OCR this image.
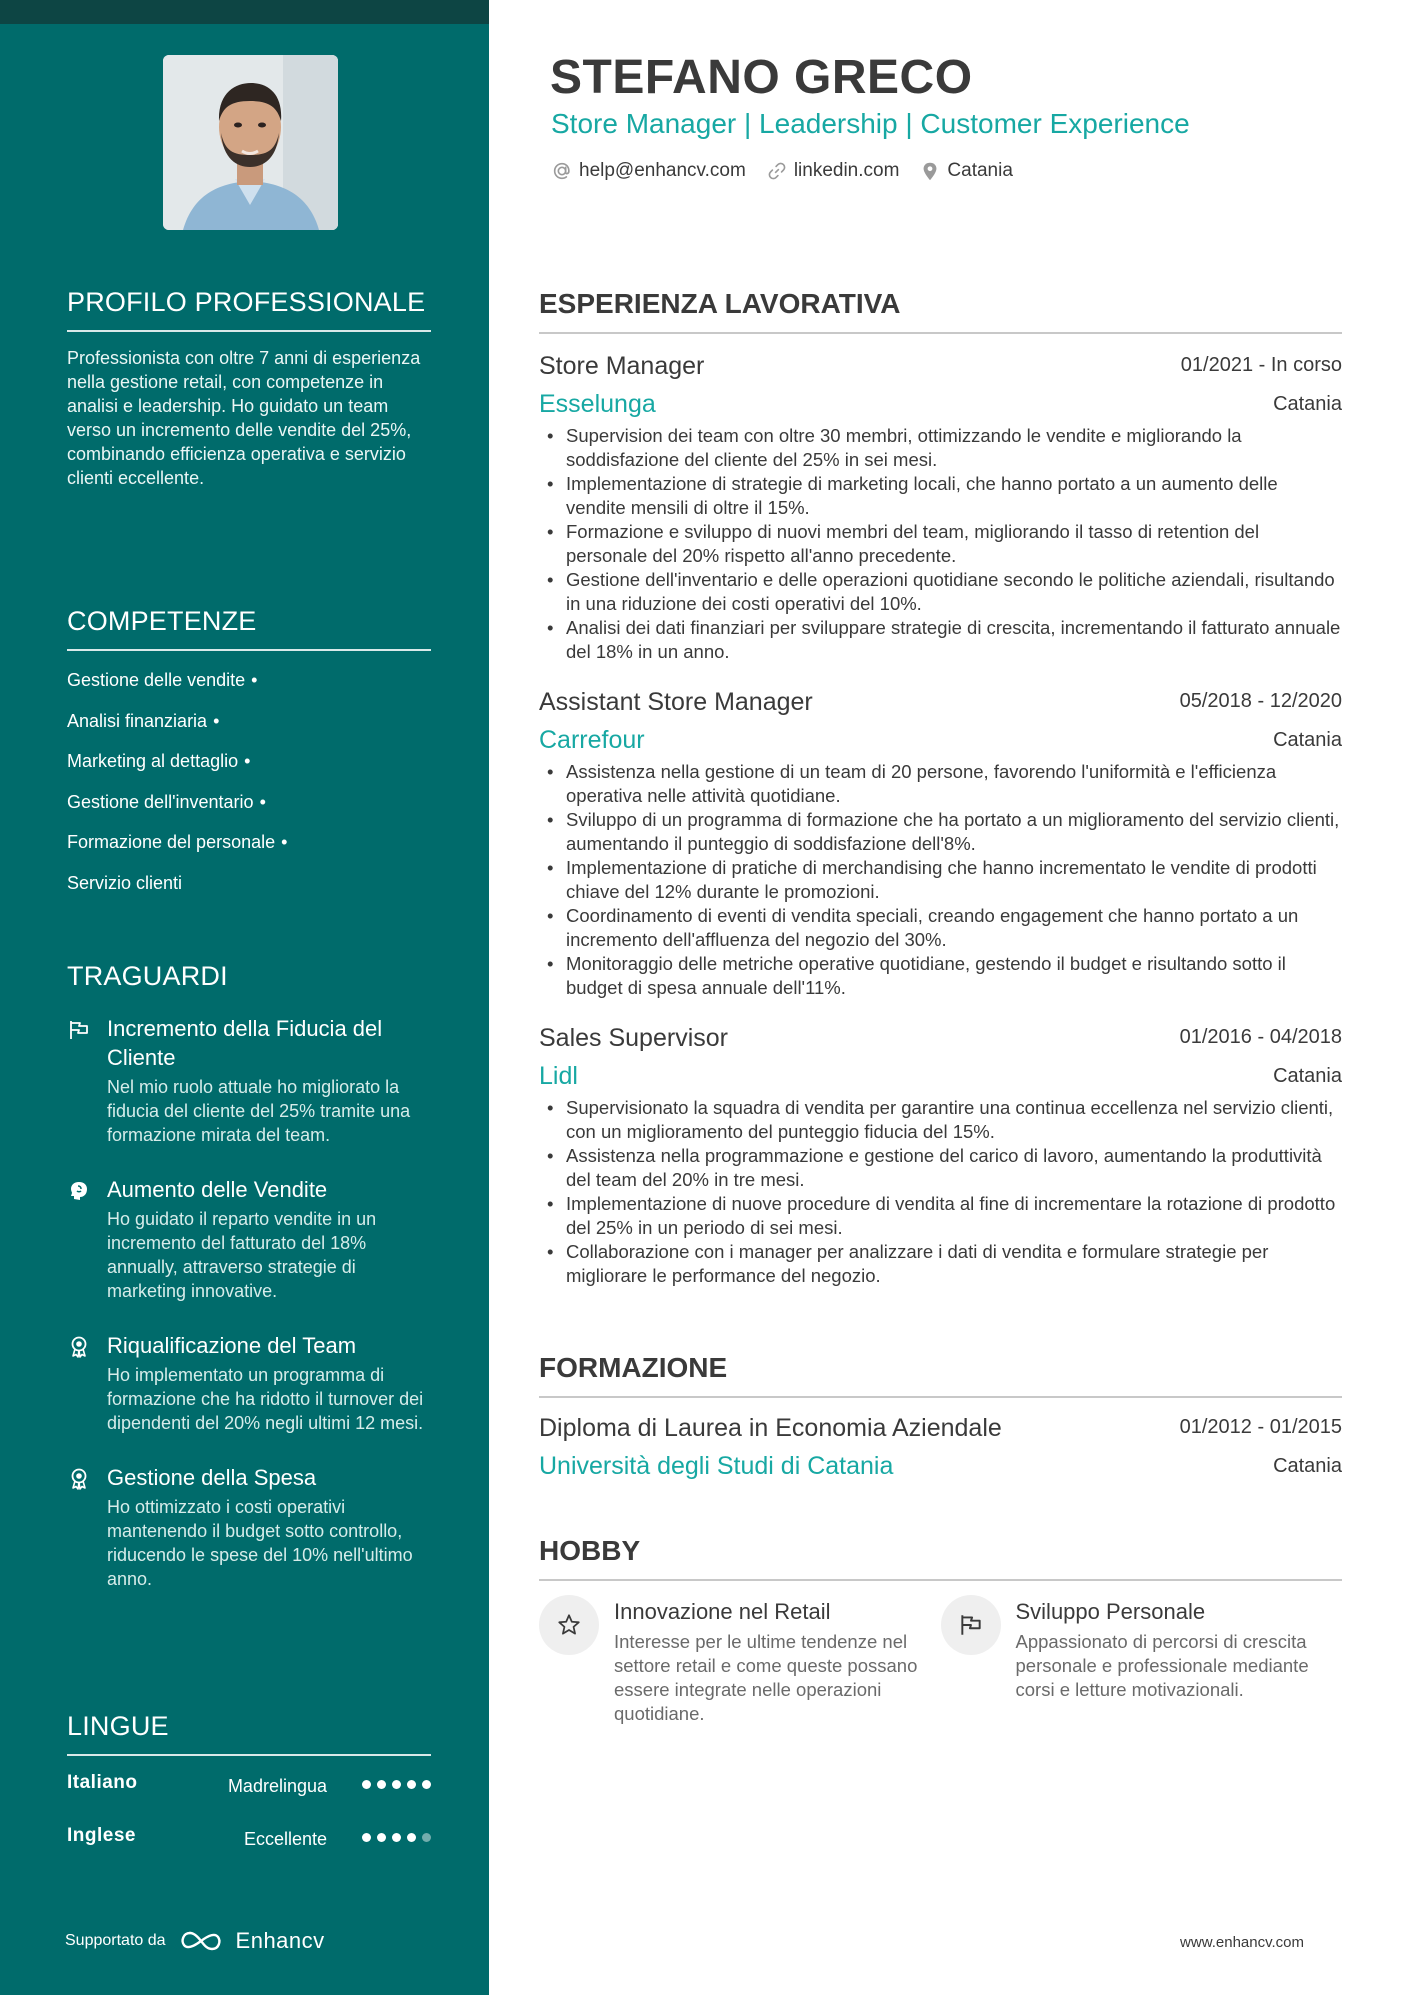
PROFILO PROFESSIONALE

Professionista con oltre 7 anni di esperienza nella gestione retail, con competenze in analisi e leadership. Ho guidato un team verso un incremento delle vendite del 25%, combinando efficienza operativa e servizio clienti eccellente.

COMPETENZE
Gestione delle vendite •
Analisi finanziaria •
Marketing al dettaglio •
Gestione dell'inventario •
Formazione del personale •
Servizio clienti
TRAGUARDI
Incremento della Fiducia del Cliente
Nel mio ruolo attuale ho migliorato la fiducia del cliente del 25% tramite una formazione mirata del team.
Aumento delle Vendite
Ho guidato il reparto vendite in un incremento del fatturato del 18% annually, attraverso strategie di marketing innovative.
Riqualificazione del Team
Ho implementato un programma di formazione che ha ridotto il turnover dei dipendenti del 20% negli ultimi 12 mesi.
Gestione della Spesa
Ho ottimizzato i costi operativi mantenendo il budget sotto controllo, riducendo le spese del 10% nell'ultimo anno.
LINGUE
Italiano	Madrelingua
Inglese	Eccellente
Supportato da	Enhancv
STEFANO GRECO
Store Manager | Leadership | Customer Experience
help@enhancv.com	linkedin.com	Catania
ESPERIENZA LAVORATIVA
Store Manager	01/2021 - In corso
Esselunga	Catania
• Supervision dei team con oltre 30 membri, ottimizzando le vendite e migliorando la soddisfazione del cliente del 25% in sei mesi.
• Implementazione di strategie di marketing locali, che hanno portato a un aumento delle vendite mensili di oltre il 15%.
• Formazione e sviluppo di nuovi membri del team, migliorando il tasso di retention del personale del 20% rispetto all'anno precedente.
• Gestione dell'inventario e delle operazioni quotidiane secondo le politiche aziendali, risultando in una riduzione dei costi operativi del 10%.
• Analisi dei dati finanziari per sviluppare strategie di crescita, incrementando il fatturato annuale del 18% in un anno.
Assistant Store Manager	05/2018 - 12/2020
Carrefour	Catania
• Assistenza nella gestione di un team di 20 persone, favorendo l'uniformità e l'efficienza operativa nelle attività quotidiane.
• Sviluppo di un programma di formazione che ha portato a un miglioramento del servizio clienti, aumentando il punteggio di soddisfazione dell'8%.
• Implementazione di pratiche di merchandising che hanno incrementato le vendite di prodotti chiave del 12% durante le promozioni.
• Coordinamento di eventi di vendita speciali, creando engagement che hanno portato a un incremento dell'affluenza del negozio del 30%.
• Monitoraggio delle metriche operative quotidiane, gestendo il budget e risultando sotto il budget di spesa annuale dell'11%.
Sales Supervisor	01/2016 - 04/2018
Lidl	Catania
• Supervisionato la squadra di vendita per garantire una continua eccellenza nel servizio clienti, con un miglioramento del punteggio fiducia del 15%.
• Assistenza nella programmazione e gestione del carico di lavoro, aumentando la produttività del team del 20% in tre mesi.
• Implementazione di nuove procedure di vendita al fine di incrementare la rotazione di prodotto del 25% in un periodo di sei mesi.
• Collaborazione con i manager per analizzare i dati di vendita e formulare strategie per migliorare le performance del negozio.
FORMAZIONE
Diploma di Laurea in Economia Aziendale	01/2012 - 01/2015
Università degli Studi di Catania	Catania
HOBBY
Innovazione nel Retail
Interesse per le ultime tendenze nel settore retail e come queste possano essere integrate nelle operazioni quotidiane.
Sviluppo Personale
Appassionato di percorsi di crescita personale e professionale mediante corsi e letture motivazionali.
www.enhancv.com
